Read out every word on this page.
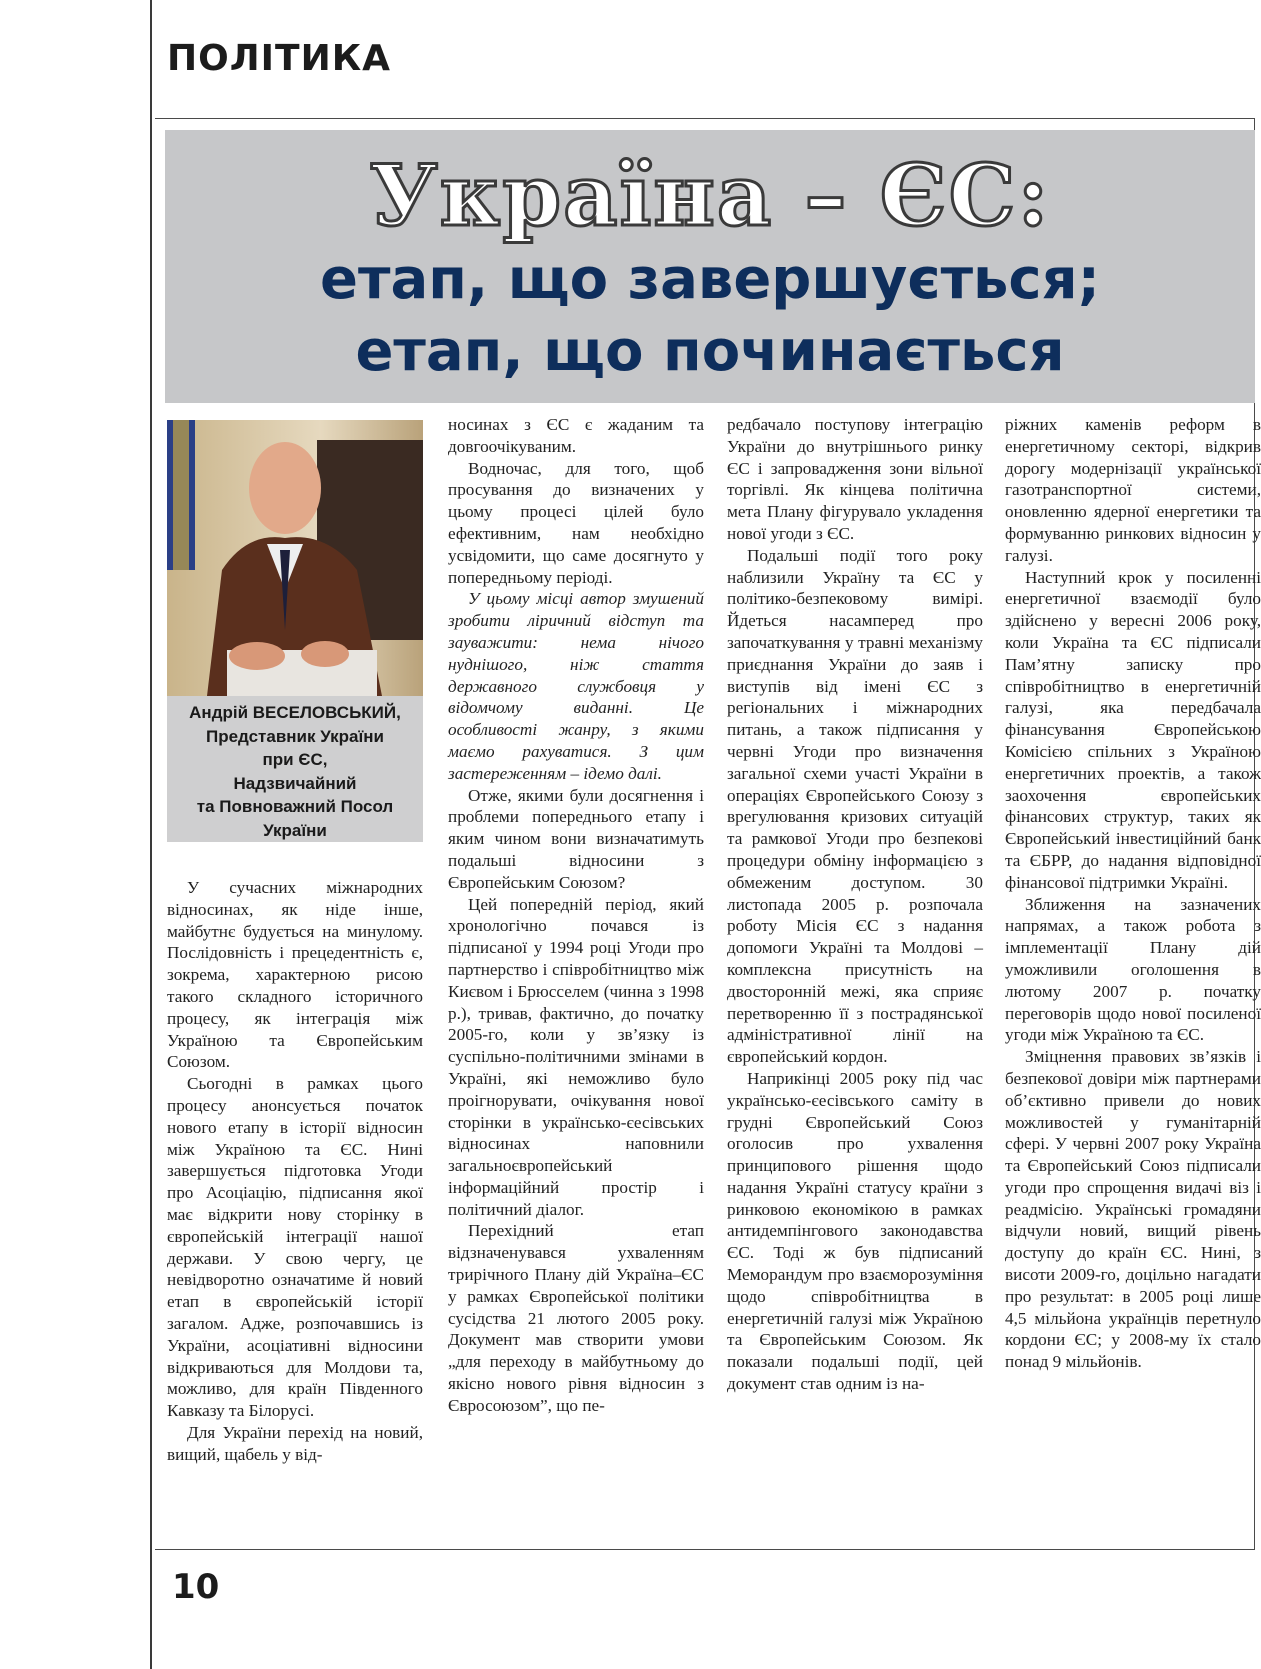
ПОЛІТИКА
Україна – ЄС:
етап, що завершується;
етап, що починається
Андрій ВЕСЕЛОВСЬКИЙ,
Представник України
при ЄС,
Надзвичайний
та Повноважний Посол
України

У сучасних міжнародних відносинах, як ніде інше, майбутнє будується на минулому. Послідовність і прецедентність є, зокрема, характерною рисою такого складного історичного процесу, як інтеграція між Україною та Європейським Союзом.

Сьогодні в рамках цього процесу анонсується початок нового етапу в історії відносин між Україною та ЄС. Нині завершується підготовка Угоди про Асоціацію, підписання якої має відкрити нову сторінку в європейській інтеграції нашої держави. У свою чергу, це невідворотно означатиме й новий етап в європейській історії загалом. Адже, розпочавшись із України, асоціативні відносини відкриваються для Молдови та, можливо, для країн Південного Кавказу та Білорусі.

Для України перехід на новий, вищий, щабель у від-

носинах з ЄС є жаданим та довгоочікуваним.

Водночас, для того, щоб просування до визначених у цьому процесі цілей було ефективним, нам необхідно усвідомити, що саме досягнуто у попередньому періоді.

У цьому місці автор змушений зробити ліричний відступ та зауважити: нема нічого нуднішого, ніж стаття державного службовця у відомчому виданні. Це особливості жанру, з якими маємо рахуватися. З цим застереженням – ідемо далі.

Отже, якими були досягнення і проблеми попереднього етапу і яким чином вони визначатимуть подальші відносини з Європейським Союзом?

Цей попередній період, який хронологічно почався із підписаної у 1994 році Угоди про партнерство і співробітництво між Києвом і Брюсселем (чинна з 1998 р.), тривав, фактично, до початку 2005-го, коли у зв’язку із суспільно-політичними змінами в Україні, які неможливо було проігнорувати, очікування нової сторінки в українсько-єесівських відносинах наповнили загальноєвропейський інформаційний простір і політичний діалог.

Перехідний етап відзначенувався ухваленням трирічного Плану дій Україна–ЄС у рамках Європейської політики сусідства 21 лютого 2005 року. Документ мав створити умови „для переходу в майбутньому до якісно нового рівня відносин з Євросоюзом”, що пе-

редбачало поступову інтеграцію України до внутрішнього ринку ЄС і запровадження зони вільної торгівлі. Як кінцева політична мета Плану фігурувало укладення нової угоди з ЄС.

Подальші події того року наблизили Україну та ЄС у політико-безпековому вимірі. Йдеться насамперед про започаткування у травні механізму приєднання України до заяв і виступів від імені ЄС з регіональних і міжнародних питань, а також підписання у червні Угоди про визначення загальної схеми участі України в операціях Європейського Союзу з врегулювання кризових ситуацій та рамкової Угоди про безпекові процедури обміну інформацією з обмеженим доступом. 30 листопада 2005 р. розпочала роботу Місія ЄС з надання допомоги Україні та Молдові – комплексна присутність на двосторонній межі, яка сприяє перетворенню її з пострадянської адміністративної лінії на європейський кордон.

Наприкінці 2005 року під час українсько-єесівського саміту в грудні Європейський Союз оголосив про ухвалення принципового рішення щодо надання Україні статусу країни з ринковою економікою в рамках антидемпінгового законодавства ЄС. Тоді ж був підписаний Меморандум про взаєморозуміння щодо співробітництва в енергетичній галузі між Україною та Європейським Союзом. Як показали подальші події, цей документ став одним із на-

ріжних каменів реформ в енергетичному секторі, відкрив дорогу модернізації української газотранспортної системи, оновленню ядерної енергетики та формуванню ринкових відносин у галузі.

Наступний крок у посиленні енергетичної взаємодії було здійснено у вересні 2006 року, коли Україна та ЄС підписали Пам’ятну записку про співробітництво в енергетичній галузі, яка передбачала фінансування Європейською Комісією спільних з Україною енергетичних проектів, а також заохочення європейських фінансових структур, таких як Європейський інвестиційний банк та ЄБРР, до надання відповідної фінансової підтримки Україні.

Зближення на зазначених напрямах, а також робота з імплементації Плану дій уможливили оголошення в лютому 2007 р. початку переговорів щодо нової посиленої угоди між Україною та ЄС.

Зміцнення правових зв’язків і безпекової довіри між партнерами об’єктивно привели до нових можливостей у гуманітарній сфері. У червні 2007 року Україна та Європейський Союз підписали угоди про спрощення видачі віз і реадмісію. Українські громадяни відчули новий, вищий рівень доступу до країн ЄС. Нині, з висоти 2009-го, доцільно нагадати про результат: в 2005 році лише 4,5 мільйона українців перетнуло кордони ЄС; у 2008-му їх стало понад 9 мільйонів.

10
